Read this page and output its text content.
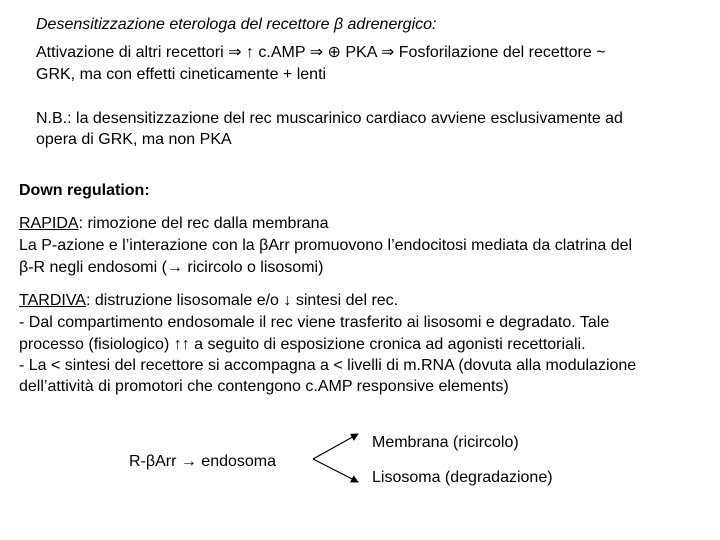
Desensitizzazione eterologa del recettore β adrenergico:
Attivazione di altri recettori ⇒ ↑ c.AMP ⇒ ⊕ PKA ⇒ Fosforilazione del recettore ~
GRK, ma con effetti cineticamente + lenti
N.B.: la desensitizzazione del rec muscarinico cardiaco avviene esclusivamente ad
opera di GRK, ma non PKA
Down regulation:
RAPIDA: rimozione del rec dalla membrana
La P-azione e l’interazione con la βArr promuovono l’endocitosi mediata da clatrina del
β-R negli endosomi (→ ricircolo o lisosomi)
TARDIVA: distruzione lisosomale e/o ↓ sintesi del rec.
- Dal compartimento endosomale il rec viene trasferito ai lisosomi e degradato. Tale
processo (fisiologico) ↑↑ a seguito di esposizione cronica ad agonisti recettoriali.
- La < sintesi del recettore si accompagna a < livelli di m.RNA (dovuta alla modulazione
dell’attività di promotori che contengono c.AMP responsive elements)
R-βArr → endosoma
Membrana (ricircolo)
Lisosoma (degradazione)
